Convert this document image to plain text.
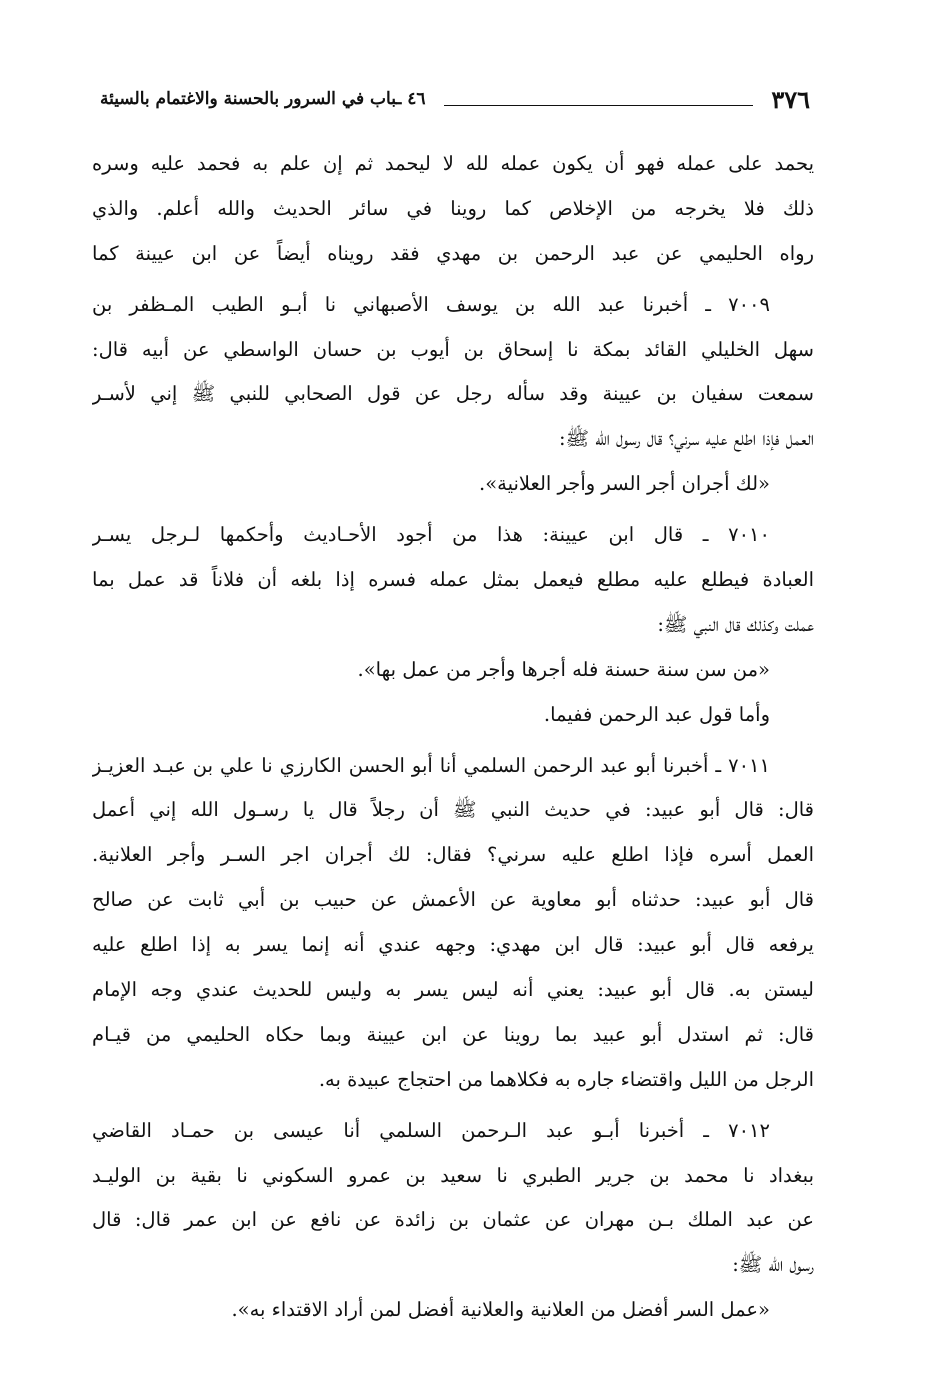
٣٧٦
٤٦ ـباب في السرور بالحسنة والاغتمام بالسيئة
يحمد على عمله فهو أن يكون عمله لله لا ليحمد ثم إن علم به فحمد عليه وسره
ذلك فلا يخرجه من الإخلاص كما روينا في سائر الحديث والله أعلم. والذي
رواه الحليمي عن عبد الرحمن بن مهدي فقد رويناه أيضاً عن ابن عيينة كما
٧٠٠٩ ـ أخبرنا عبد الله بن يوسف الأصبهاني نا أبـو الطيب المـظفر بن
سهل الخليلي القائد بمكة نا إسحاق بن أيوب بن حسان الواسطي عن أبيه قال:
سمعت سفيان بن عيينة وقد سأله رجل عن قول الصحابي للنبي ﷺ إني لأسـر
العمل فإذا اطلع عليه سرني؟ قال رسول الله ﷺ:
«لك أجران أجر السر وأجر العلانية».
٧٠١٠ ـ قال ابن عيينة: هذا من أجود الأحـاديث وأحكمها لـرجل يسـر
العبادة فيطلع عليه مطلع فيعمل بمثل عمله فسره إذا بلغه أن فلاناً قد عمل بما
عملت وكذلك قال النبي ﷺ:
«من سن سنة حسنة فله أجرها وأجر من عمل بها».
وأما قول عبد الرحمن ففيما.
٧٠١١ ـ أخبرنا أبو عبد الرحمن السلمي أنا أبو الحسن الكارزي نا علي بن عبـد العزيـز
قال: قال أبو عبيد: في حديث النبي ﷺ أن رجلاً قال يا رسـول الله إني أعمل
العمل أسره فإذا اطلع عليه سرني؟ فقال: لك أجران اجر السـر وأجر العلانية.
قال أبو عبيد: حدثناه أبو معاوية عن الأعمش عن حبيب بن أبي ثابت عن صالح
يرفعه قال أبو عبيد: قال ابن مهدي: وجهه عندي أنه إنما يسر به إذا اطلع عليه
ليستن به. قال أبو عبيد: يعني أنه ليس يسر به وليس للحديث عندي وجه الإمام
قال: ثم استدل أبو عبيد بما روينا عن ابن عيينة وبما حكاه الحليمي من قيـام
الرجل من الليل واقتضاء جاره به فكلاهما من احتجاج عبيدة به.
٧٠١٢ ـ أخبرنا أبـو عبد الـرحمن السلمي أنا عيسى بن حمـاد القاضي
ببغداد نا محمد بن جرير الطبري نا سعيد بن عمرو السكوني نا بقية بن الوليـد
عن عبد الملك بـن مهران عن عثمان بن زائدة عن نافع عن ابن عمر قال: قال
رسول الله ﷺ:
«عمل السر أفضل من العلانية والعلانية أفضل لمن أراد الاقتداء به».
